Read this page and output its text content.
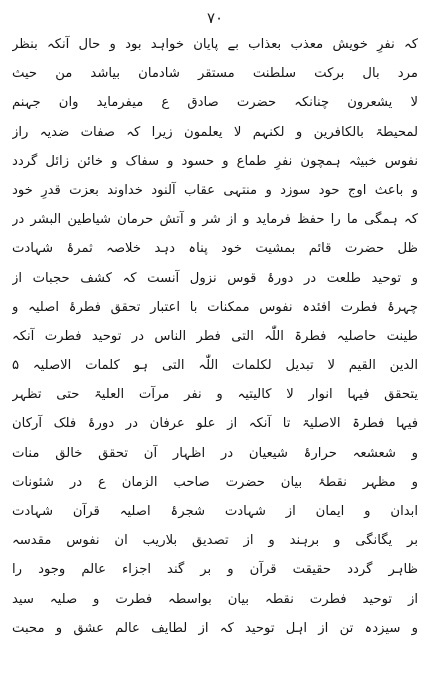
٧٠
کہ نفرِ خویش معذب بعذاب بے پایان خواہد بود و حال آنکہ بنظر
مرد بال برکت سلطنت مستقر شادمان بیاشد من حیث
لا یشعرون چنانکہ حضرت صادق ع میفرماید وان جہنم
لمحیطۃ بالکافرین و لکنہم لا یعلمون زیرا کہ صفات ضدیہ راز
نفوس خبیثہ ہمچون نفرِ طماع و حسود و سفاک و خائن زائل گردد
و باعث اوج حود سوزد و منتہی عقاب آلنود خداوند بعزت قدرِ خود
کہ ہمگی ما را حفظ فرماید و از شر و آتش حرمان شیاطین البشر در
ظل حضرت قائم بمشیت خود پناہ دہد خلاصہ ثمرۂ شہادت
و توحید طلعت در دورۂ قوس نزول آنست کہ کشف حجبات از
چہرۂ فطرت افئدہ نفوس ممکنات با اعتبار تحقق فطرۂ اصلیہ و
طینت حاصلیہ فطرۃ اللّٰہ التی فطر الناس در توحید فطرت آنکہ
الدین القیم لا تبدیل لکلمات اللّٰہ التی ہو کلمات الاصلیہ ۵
یتحقق فیہا انوار لا کالیتیہ و نفر مرآت العلیۃ حتی تظہر
فیہا فطرۃ الاصلیۃ تا آنکہ از علو عرفان در دورۂ فلک آرکان
و شعشعہ حرارۂ شیعیان در اظہار آن تحقق خالق منات
و مظہر نقطۂ بیان حضرت صاحب الزمان ع در شئونات
ابدان و ایمان از شہادت شجرۂ اصلیہ قرآن شہادت
بر یگانگی و برہند و از تصدیق بلاریب ان نفوس مقدسہ
ظاہر گردد حقیقت قرآن و بر گند اجزاء عالم وجود را
از توحید فطرت نقطہ بیان بواسطہ فطرت و صلیہ سید
و سیزدہ تن از اہل توحید کہ از لطایف عالم عشق و محبت
